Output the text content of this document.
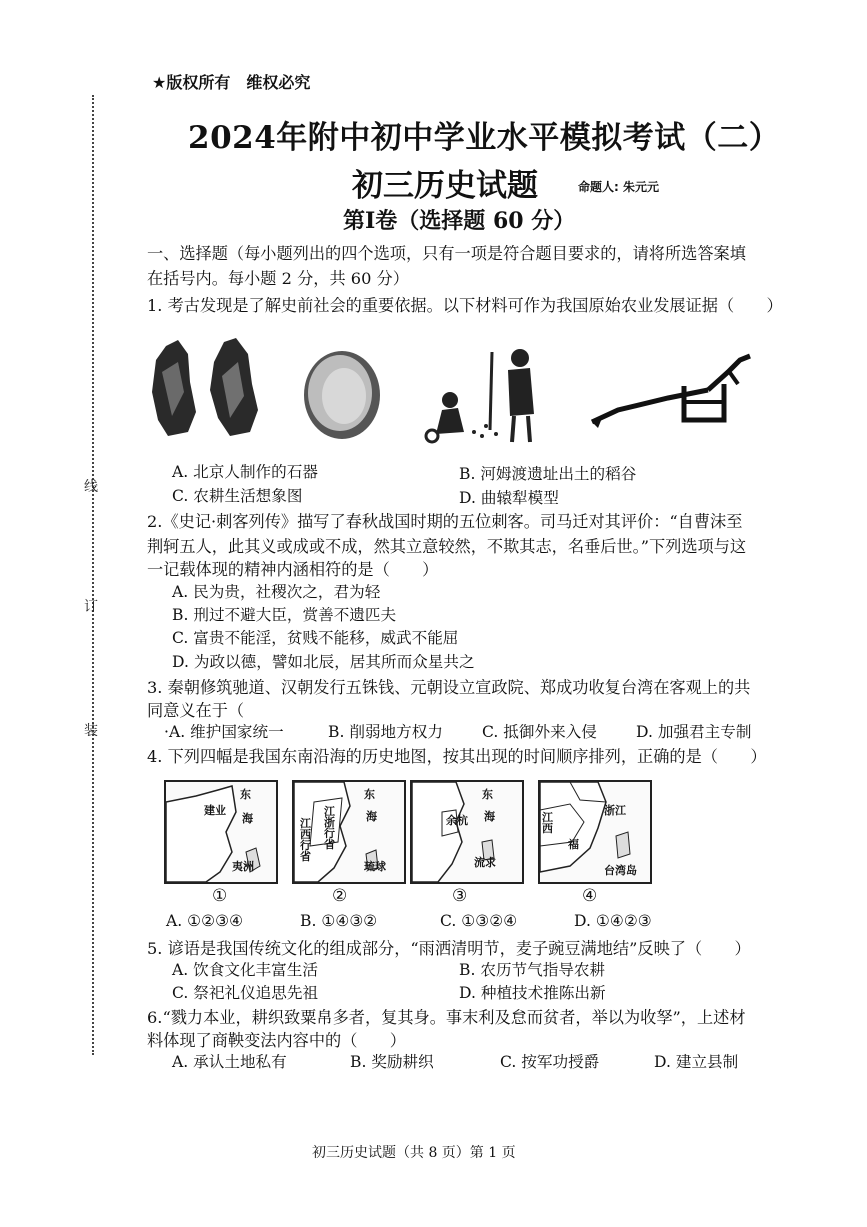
★版权所有　维权必究
线
订
装
2024年附中初中学业水平模拟考试（二）
初三历史试题	命题人: 朱元元
第Ⅰ卷（选择题 60 分）
一、选择题（每小题列出的四个选项，只有一项是符合题目要求的，请将所选答案填
在括号内。每小题 2 分，共 60 分）
1. 考古发现是了解史前社会的重要依据。以下材料可作为我国原始农业发展证据（　　）
A. 北京人制作的石器	B. 河姆渡遗址出土的稻谷
C. 农耕生活想象图	D. 曲辕犁模型
2.《史记·刺客列传》描写了春秋战国时期的五位刺客。司马迁对其评价：“自曹沫至
荆轲五人，此其义或成或不成，然其立意较然，不欺其志，名垂后世。”下列选项与这
一记载体现的精神内涵相符的是（　　）
A. 民为贵，社稷次之，君为轻
B. 刑过不避大臣，赏善不遗匹夫
C. 富贵不能淫，贫贱不能移，威武不能屈
D. 为政以德，譬如北辰，居其所而众星共之
3. 秦朝修筑驰道、汉朝发行五铢钱、元朝设立宣政院、郑成功收复台湾在客观上的共
同意义在于（
·A. 维护国家统一	B. 削弱地方权力	C. 抵御外来入侵	D. 加强君主专制
4. 下列四幅是我国东南沿海的历史地图，按其出现的时间顺序排列，正确的是（　　）
东
海
建业
夷洲
①
东
海
江浙行省
江西行省
琉球
②
东
海
余杭
流求
③
浙江
江西
福
台湾岛
④
A. ①②③④	B. ①④③②	C. ①③②④	D. ①④②③
5. 谚语是我国传统文化的组成部分，“雨洒清明节，麦子豌豆满地结”反映了（　　）
A. 饮食文化丰富生活	B. 农历节气指导农耕
C. 祭祀礼仪追思先祖	D. 种植技术推陈出新
6.“戮力本业，耕织致粟帛多者，复其身。事末利及怠而贫者，举以为收孥”，上述材
料体现了商鞅变法内容中的（　　）
A. 承认土地私有	B. 奖励耕织	C. 按军功授爵	D. 建立县制
初三历史试题（共 8 页）第 1 页
